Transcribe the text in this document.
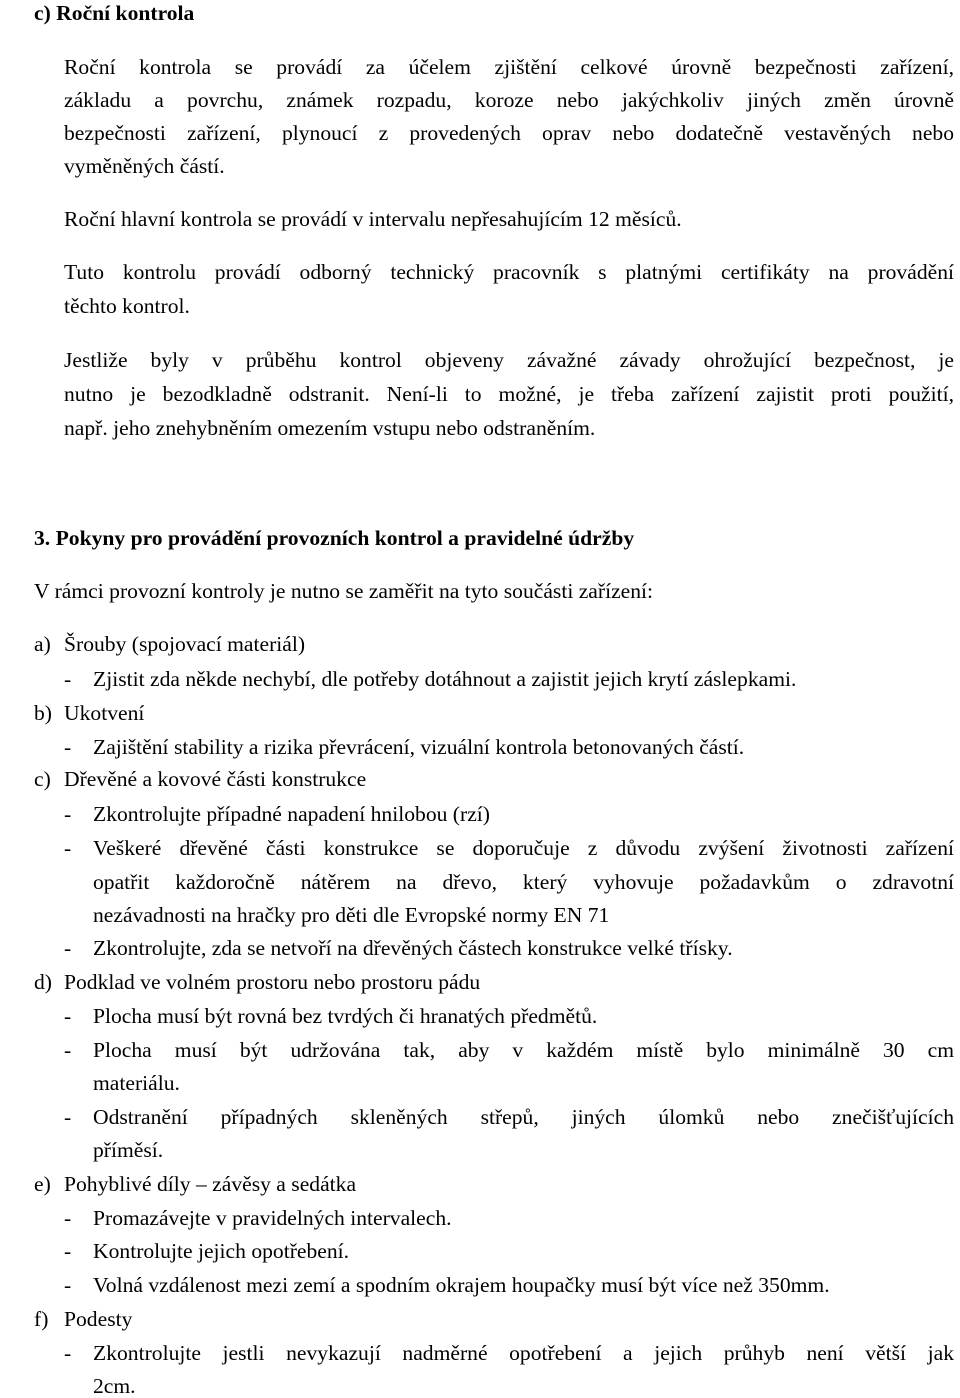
c) Roční kontrola
Roční kontrola se provádí za účelem zjištění celkové úrovně bezpečnosti zařízení,
základu a povrchu, známek rozpadu, koroze nebo jakýchkoliv jiných změn úrovně
bezpečnosti zařízení, plynoucí z provedených oprav nebo dodatečně vestavěných nebo
vyměněných částí.
Roční hlavní kontrola se provádí v intervalu nepřesahujícím 12 měsíců.
Tuto kontrolu provádí odborný technický pracovník s platnými certifikáty na provádění
těchto kontrol.
Jestliže byly v průběhu kontrol objeveny závažné závady ohrožující bezpečnost, je
nutno je bezodkladně odstranit. Není-li to možné, je třeba zařízení zajistit proti použití,
např. jeho znehybněním omezením vstupu nebo odstraněním.
3. Pokyny pro provádění provozních kontrol a pravidelné údržby
V rámci provozní kontroly je nutno se zaměřit na tyto součásti zařízení:
a) Šrouby (spojovací materiál)
- Zjistit zda někde nechybí, dle potřeby dotáhnout a zajistit jejich krytí záslepkami.
b) Ukotvení
- Zajištění stability a rizika převrácení, vizuální kontrola betonovaných částí.
c) Dřevěné a kovové části konstrukce
- Zkontrolujte případné napadení hnilobou (rzí)
- Veškeré dřevěné části konstrukce se doporučuje z důvodu zvýšení životnosti zařízení
opatřit každoročně nátěrem na dřevo, který vyhovuje požadavkům o zdravotní
nezávadnosti na hračky pro děti dle Evropské normy EN 71
- Zkontrolujte, zda se netvoří na dřevěných částech konstrukce velké třísky.
d) Podklad ve volném prostoru nebo prostoru pádu
- Plocha musí být rovná bez tvrdých či hranatých předmětů.
- Plocha musí být udržována tak, aby v každém místě bylo minimálně 30 cm
materiálu.
- Odstranění případných skleněných střepů, jiných úlomků nebo znečišťujících
příměsí.
e) Pohyblivé díly – závěsy a sedátka
- Promazávejte v pravidelných intervalech.
- Kontrolujte jejich opotřebení.
- Volná vzdálenost mezi zemí a spodním okrajem houpačky musí být více než 350mm.
f) Podesty
- Zkontrolujte jestli nevykazují nadměrné opotřebení a jejich průhyb není větší jak
2cm.
